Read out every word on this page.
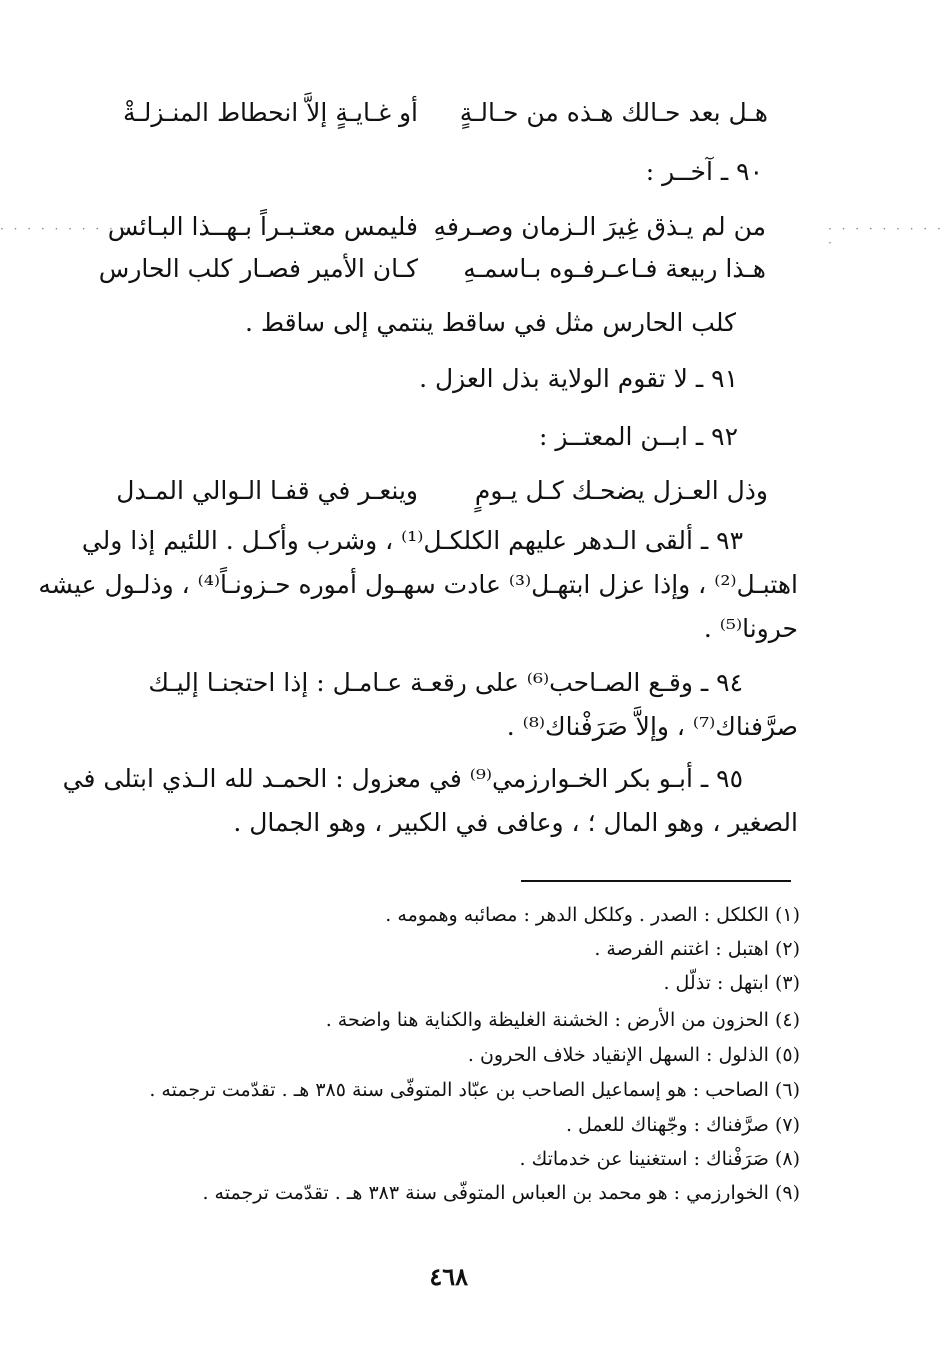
هـل بعد حـالك هـذه من حـالـةٍ
أو غـايـةٍ إلاَّ انحطاط المنـزلـةْ
٩٠ ـ آخــر :
من لم يـذق غِيرَ الـزمان وصـرفهِ
فليمس معتـبـراً بـهــذا البـائس
· · · · · · · · · ·	· · · · · · · · · ·
هـذا ربيعة فـاعـرفـوه بـاسمـهِ
كـان الأمير فصـار كلب الحارس
كلب الحارس مثل في ساقط ينتمي إلى ساقط .
٩١ ـ لا تقوم الولاية بذل العزل .
٩٢ ـ ابــن المعتــز :
وذل العـزل يضحـك كـل يـومٍ
وينعـر في قفـا الـوالي المـدل
٩٣ ـ ألقى الـدهر عليهم الكلكـل⁽¹⁾ ، وشرب وأكـل . اللئيم إذا ولي
اهتبـل⁽²⁾ ، وإذا عزل ابتهـل⁽³⁾ عادت سهـول أموره حـزونـاً⁽⁴⁾ ، وذلـول عيشه
حرونا⁽⁵⁾ .
٩٤ ـ وقـع الصـاحب⁽⁶⁾ على رقعـة عـامـل : إذا احتجنـا إليـك
صرَّفناك⁽⁷⁾ ، وإلاَّ صَرَفْناك⁽⁸⁾ .
٩٥ ـ أبـو بكر الخـوارزمي⁽⁹⁾ في معزول : الحمـد لله الـذي ابتلى في
الصغير ، وهو المال ؛ ، وعافى في الكبير ، وهو الجمال .
(١) الكلكل : الصدر . وكلكل الدهر : مصائبه وهمومه .
(٢) اهتبل : اغتنم الفرصة .
(٣) ابتهل : تذلّل .
(٤) الحزون من الأرض : الخشنة الغليظة والكناية هنا واضحة .
(٥) الذلول : السهل الإنقياد خلاف الحرون .
(٦) الصاحب : هو إسماعيل الصاحب بن عبّاد المتوفّى سنة ٣٨٥ هـ . تقدّمت ترجمته .
(٧) صرَّفناك : وجّهناك للعمل .
(٨) صَرَفْناك : استغنينا عن خدماتك .
(٩) الخوارزمي : هو محمد بن العباس المتوفّى سنة ٣٨٣ هـ . تقدّمت ترجمته .
٤٦٨
